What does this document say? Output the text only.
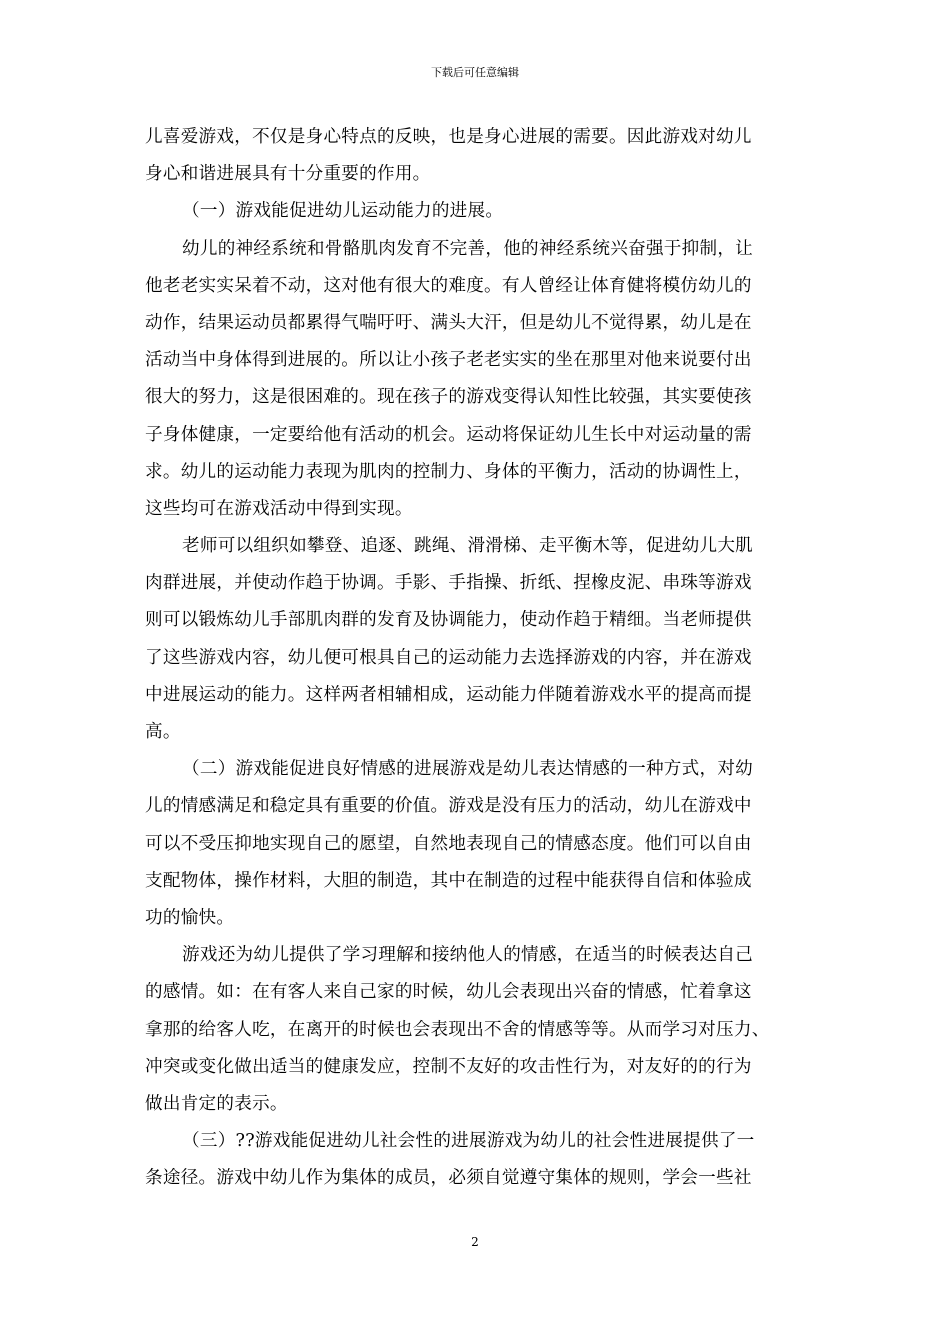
下载后可任意编辑

儿喜爱游戏，不仅是身心特点的反映，也是身心进展的需要。因此游戏对幼儿
身心和谐进展具有十分重要的作用。

（一）游戏能促进幼儿运动能力的进展。

幼儿的神经系统和骨骼肌肉发育不完善，他的神经系统兴奋强于抑制，让
他老老实实呆着不动，这对他有很大的难度。有人曾经让体育健将模仿幼儿的
动作，结果运动员都累得气喘吁吁、满头大汗，但是幼儿不觉得累，幼儿是在
活动当中身体得到进展的。所以让小孩子老老实实的坐在那里对他来说要付出
很大的努力，这是很困难的。现在孩子的游戏变得认知性比较强，其实要使孩
子身体健康，一定要给他有活动的机会。运动将保证幼儿生长中对运动量的需
求。幼儿的运动能力表现为肌肉的控制力、身体的平衡力，活动的协调性上，
这些均可在游戏活动中得到实现。

老师可以组织如攀登、追逐、跳绳、滑滑梯、走平衡木等，促进幼儿大肌
肉群进展，并使动作趋于协调。手影、手指操、折纸、捏橡皮泥、串珠等游戏
则可以锻炼幼儿手部肌肉群的发育及协调能力，使动作趋于精细。当老师提供
了这些游戏内容，幼儿便可根具自己的运动能力去选择游戏的内容，并在游戏
中进展运动的能力。这样两者相辅相成，运动能力伴随着游戏水平的提高而提
高。

（二）游戏能促进良好情感的进展游戏是幼儿表达情感的一种方式，对幼
儿的情感满足和稳定具有重要的价值。游戏是没有压力的活动，幼儿在游戏中
可以不受压抑地实现自己的愿望，自然地表现自己的情感态度。他们可以自由
支配物体，操作材料，大胆的制造，其中在制造的过程中能获得自信和体验成
功的愉快。

游戏还为幼儿提供了学习理解和接纳他人的情感，在适当的时候表达自己
的感情。如：在有客人来自己家的时候，幼儿会表现出兴奋的情感，忙着拿这
拿那的给客人吃，在离开的时候也会表现出不舍的情感等等。从而学习对压力、
冲突或变化做出适当的健康发应，控制不友好的攻击性行为，对友好的的行为
做出肯定的表示。

（三）??游戏能促进幼儿社会性的进展游戏为幼儿的社会性进展提供了一
条途径。游戏中幼儿作为集体的成员，必须自觉遵守集体的规则，学会一些社

2
